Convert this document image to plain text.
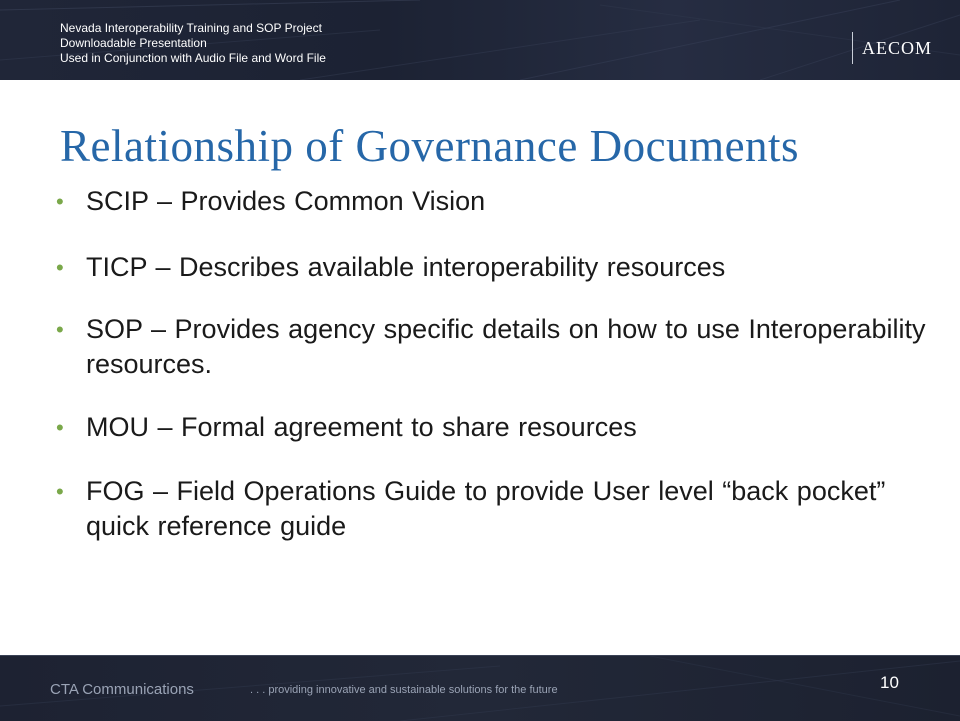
Nevada Interoperability Training and SOP Project
Downloadable Presentation
Used in Conjunction with Audio File and Word File
AECOM
Relationship of Governance Documents
• SCIP – Provides Common Vision
• TICP – Describes available interoperability resources
• SOP – Provides agency specific details on how to use Interoperability resources.
• MOU – Formal agreement to share resources
• FOG – Field Operations Guide to provide User level “back pocket” quick reference guide
CTA Communications	. . . providing innovative and sustainable solutions for the future	10
